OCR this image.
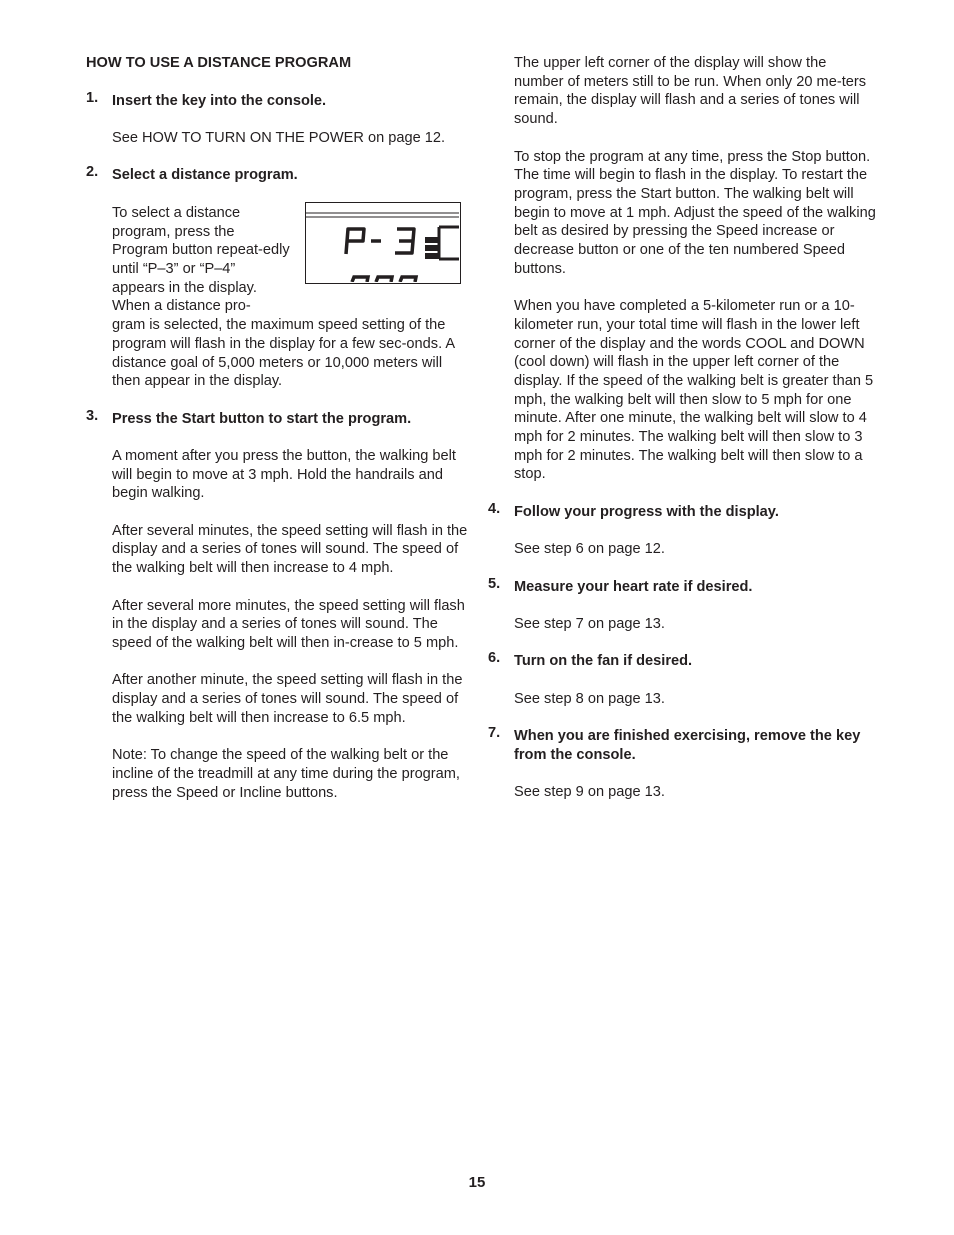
HOW TO USE A DISTANCE PROGRAM
1. Insert the key into the console.

See HOW TO TURN ON THE POWER on page 12.

2. Select a distance program.

To select a distance program, press the Program button repeat-edly until “P–3” or “P–4” appears in the display. When a distance pro-

gram is selected, the maximum speed setting of the program will flash in the display for a few sec-onds. A distance goal of 5,000 meters or 10,000 meters will then appear in the display.

3. Press the Start button to start the program.

A moment after you press the button, the walking belt will begin to move at 3 mph. Hold the handrails and begin walking.

After several minutes, the speed setting will flash in the display and a series of tones will sound. The speed of the walking belt will then increase to 4 mph.

After several more minutes, the speed setting will flash in the display and a series of tones will sound. The speed of the walking belt will then in-crease to 5 mph.

After another minute, the speed setting will flash in the display and a series of tones will sound. The speed of the walking belt will then increase to 6.5 mph.

Note: To change the speed of the walking belt or the incline of the treadmill at any time during the program, press the Speed or Incline buttons.

The upper left corner of the display will show the number of meters still to be run. When only 20 me-ters remain, the display will flash and a series of tones will sound.

To stop the program at any time, press the Stop button. The time will begin to flash in the display. To restart the program, press the Start button. The walking belt will begin to move at 1 mph. Adjust the speed of the walking belt as desired by pressing the Speed increase or decrease button or one of the ten numbered Speed buttons.

When you have completed a 5-kilometer run or a 10-kilometer run, your total time will flash in the lower left corner of the display and the words COOL and DOWN (cool down) will flash in the upper left corner of the display. If the speed of the walking belt is greater than 5 mph, the walking belt will then slow to 5 mph for one minute. After one minute, the walking belt will slow to 4 mph for 2 minutes. The walking belt will then slow to 3 mph for 2 minutes. The walking belt will then slow to a stop.

4. Follow your progress with the display.

See step 6 on page 12.

5. Measure your heart rate if desired.

See step 7 on page 13.

6. Turn on the fan if desired.

See step 8 on page 13.

7. When you are finished exercising, remove the key from the console.

See step 9 on page 13.

15
